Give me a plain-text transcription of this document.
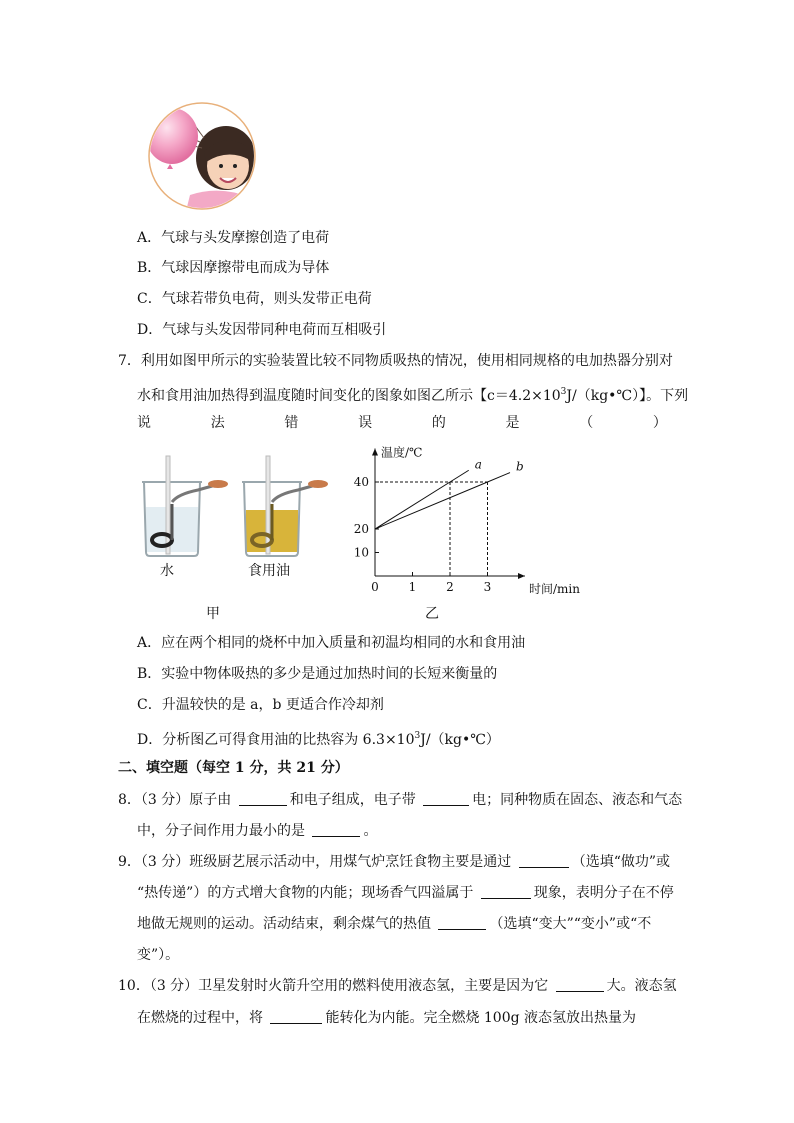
A．气球与头发摩擦创造了电荷
B．气球因摩擦带电而成为导体
C．气球若带负电荷，则头发带正电荷
D．气球与头发因带同种电荷而互相吸引
7．利用如图甲所示的实验装置比较不同物质吸热的情况，使用相同规格的电加热器分别对
水和食用油加热得到温度随时间变化的图象如图乙所示【$c=4.2\times 10^3J/(kg•℃)$】。下列
说	法	错	误	的	是	（	）
水	食用油
甲
温度/℃
时间/min
0 1 2 3
10
20
40
a	b
乙
A．应在两个相同的烧杯中加入质量和初温均相同的水和食用油
B．实验中物体吸热的多少是通过加热时间的长短来衡量的
C．升温较快的是 a，b 更适合作冷却剂
D．分析图乙可得食用油的比热容为 $6.3\times 10^3J/(kg•℃)$
二、填空题（每空 1 分，共 21 分）
8．（3 分）原子由	和电子组成，电子带	电；同种物质在固态、液态和气态
中，分子间作用力最小的是	。
9．（3 分）班级厨艺展示活动中，用煤气炉烹饪食物主要是通过	（选填“做功”或
“热传递”）的方式增大食物的内能；现场香气四溢属于	现象，表明分子在不停
地做无规则的运动。活动结束，剩余煤气的热值	（选填“变大”“变小”或“不
变”）。
10．（3 分）卫星发射时火箭升空用的燃料使用液态氢，主要是因为它	大。液态氢
在燃烧的过程中，将	能转化为内能。完全燃烧 100g 液态氢放出热量为
